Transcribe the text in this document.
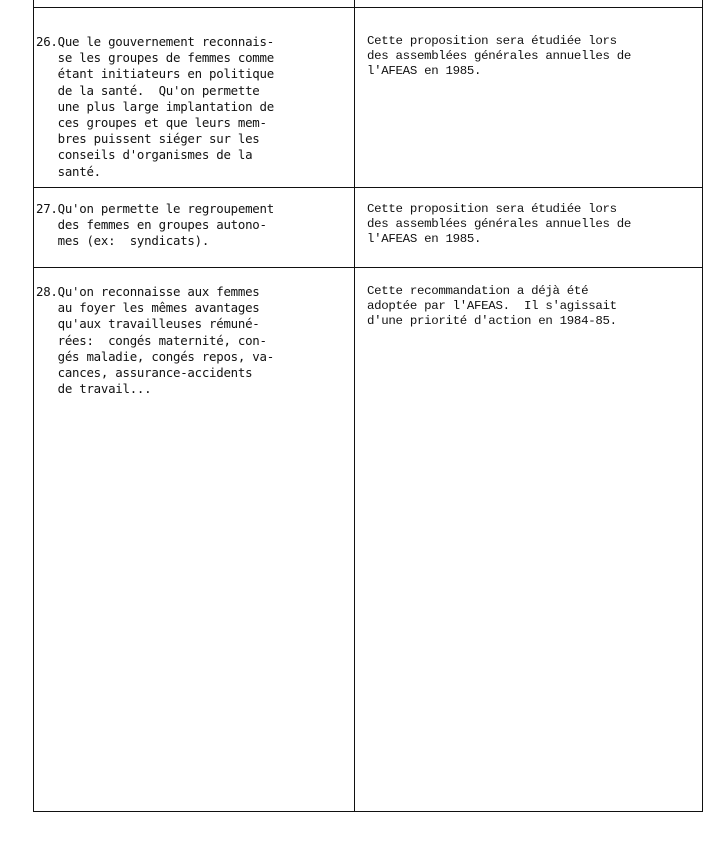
26.Que le gouvernement reconnais-
se les groupes de femmes comme
étant initiateurs en politique
de la santé.  Qu'on permette
une plus large implantation de
ces groupes et que leurs mem-
bres puissent siéger sur les
conseils d'organismes de la
santé.
Cette proposition sera étudiée lors
des assemblées générales annuelles de
l'AFEAS en 1985.
27.Qu'on permette le regroupement
des femmes en groupes autono-
mes (ex:  syndicats).
Cette proposition sera étudiée lors
des assemblées générales annuelles de
l'AFEAS en 1985.
28.Qu'on reconnaisse aux femmes
au foyer les mêmes avantages
qu'aux travailleuses rémuné-
rées:  congés maternité, con-
gés maladie, congés repos, va-
cances, assurance-accidents
de travail...
Cette recommandation a déjà été
adoptée par l'AFEAS.  Il s'agissait
d'une priorité d'action en 1984-85.
